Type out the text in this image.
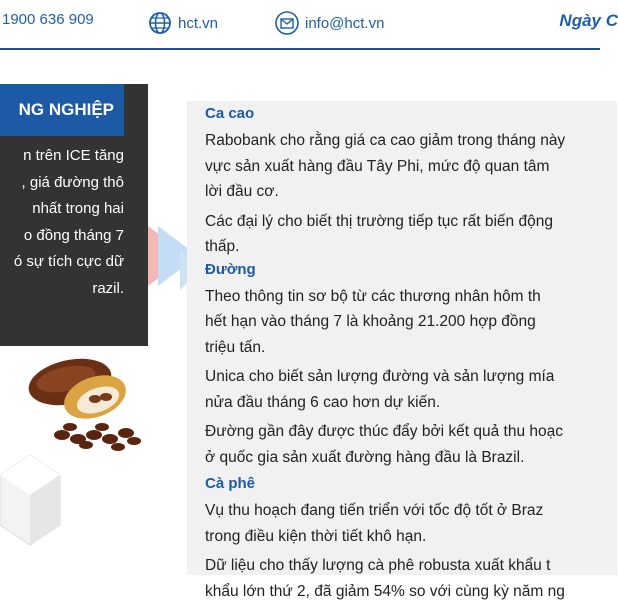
1900 636 909	hct.vn	info@hct.vn	Ngày C
NG NGHIỆP
n trên ICE tăng
, giá đường thô
nhất trong hai
o đồng tháng 7
ó sự tích cực dữ
razil.
Ca cao
Rabobank cho rằng giá ca cao giảm trong tháng này
vực sản xuất hàng đầu Tây Phi, mức độ quan tâm
lời đầu cơ.
Các đại lý cho biết thị trường tiếp tục rất biến động
thấp.
Đường
Theo thông tin sơ bộ từ các thương nhân hôm th
hết hạn vào tháng 7 là khoảng 21.200 hợp đồng
triệu tấn.
Unica cho biết sản lượng đường và sản lượng mía
nửa đầu tháng 6 cao hơn dự kiến.
Đường gần đây được thúc đẩy bởi kết quả thu hoạc
ở quốc gia sản xuất đường hàng đầu là Brazil.
Cà phê
Vụ thu hoạch đang tiến triển với tốc độ tốt ở Braz
trong điều kiện thời tiết khô hạn.
Dữ liệu cho thấy lượng cà phê robusta xuất khẩu t
khẩu lớn thứ 2, đã giảm 54% so với cùng kỳ năm ng
